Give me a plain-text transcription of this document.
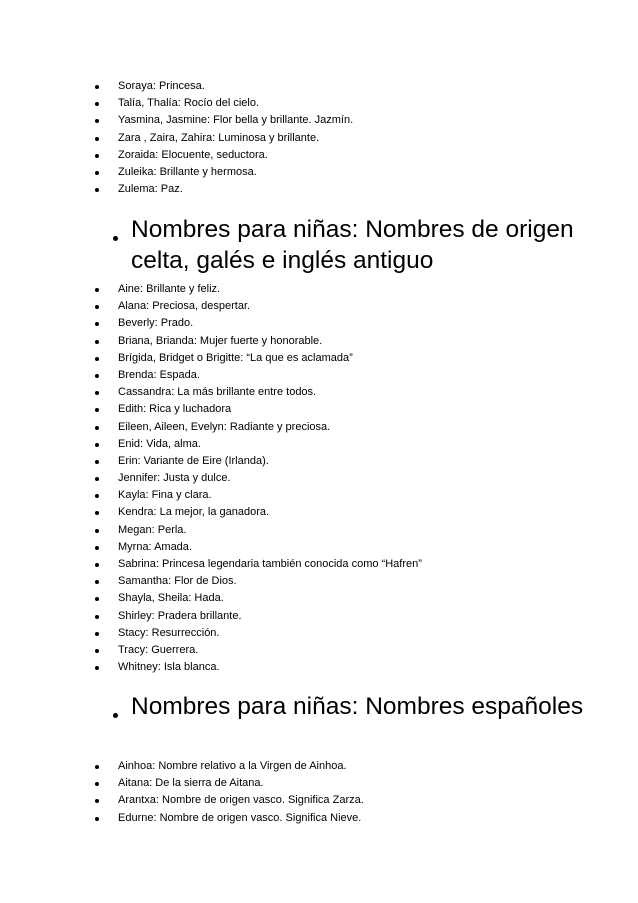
Soraya: Princesa.
Talía, Thalía: Rocío del cielo.
Yasmina, Jasmine: Flor bella y brillante. Jazmín.
Zara , Zaira, Zahira: Luminosa y brillante.
Zoraida: Elocuente, seductora.
Zuleika: Brillante y hermosa.
Zulema: Paz.
Nombres para niñas: Nombres de origen celta, galés e inglés antiguo
Aine: Brillante y feliz.
Alana: Preciosa, despertar.
Beverly: Prado.
Briana, Brianda: Mujer fuerte y honorable.
Brígida, Bridget o Brigitte: “La que es aclamada”
Brenda: Espada.
Cassandra: La más brillante entre todos.
Edith: Rica y luchadora
Eileen, Aileen, Evelyn: Radiante y preciosa.
Enid: Vida, alma.
Erin: Variante de Eire (Irlanda).
Jennifer: Justa y dulce.
Kayla: Fina y clara.
Kendra: La mejor, la ganadora.
Megan: Perla.
Myrna: Amada.
Sabrina: Princesa legendaria también conocida como “Hafren”
Samantha: Flor de Dios.
Shayla, Sheila: Hada.
Shirley: Pradera brillante.
Stacy: Resurrección.
Tracy: Guerrera.
Whitney: Isla blanca.
Nombres para niñas: Nombres españoles
Ainhoa: Nombre relativo a la Virgen de Ainhoa.
Aitana: De la sierra de Aitana.
Arantxa: Nombre de origen vasco. Significa Zarza.
Edurne: Nombre de origen vasco. Significa Nieve.
